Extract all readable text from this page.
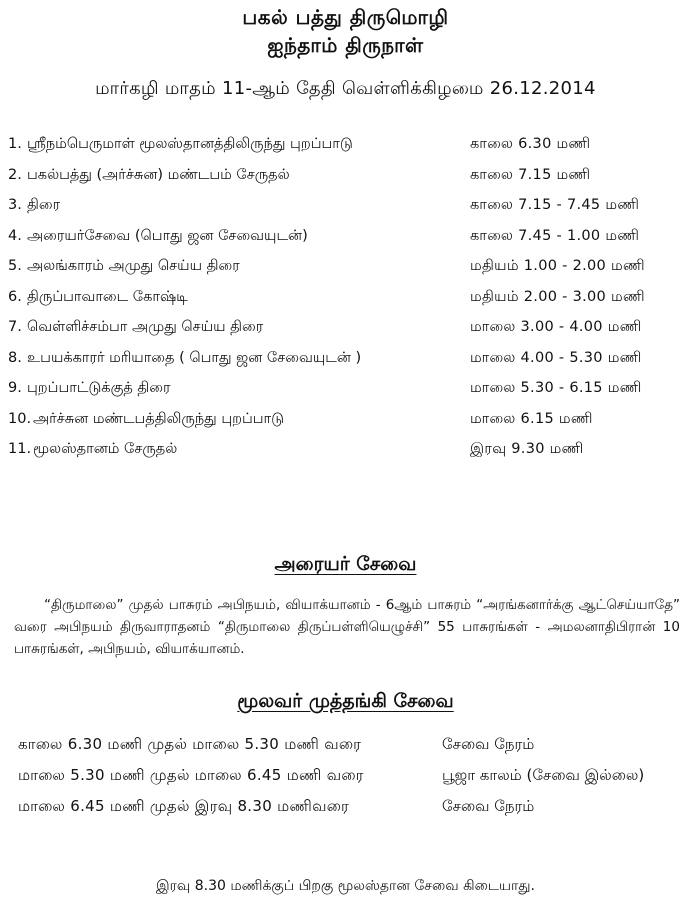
பகல் பத்து திருமொழி
ஐந்தாம் திருநாள்
மார்கழி மாதம் 11-ஆம் தேதி வெள்ளிக்கிழமை 26.12.2014
1. ஸ்ரீநம்பெருமாள் மூலஸ்தானத்திலிருந்து புறப்பாடு	காலை 6.30 மணி
2. பகல்பத்து (அர்ச்சுன) மண்டபம் சேருதல்	காலை 7.15 மணி
3. திரை	காலை 7.15 - 7.45 மணி
4. அரையர்சேவை (பொது ஜன சேவையுடன்)	காலை 7.45 - 1.00 மணி
5. அலங்காரம் அமுது செய்ய திரை	மதியம் 1.00 - 2.00 மணி
6. திருப்பாவாடை கோஷ்டி	மதியம் 2.00 - 3.00 மணி
7. வெள்ளிச்சம்பா அமுது செய்ய திரை	மாலை 3.00 - 4.00 மணி
8. உபயக்காரர் மரியாதை ( பொது ஜன சேவையுடன் )	மாலை 4.00 - 5.30 மணி
9. புறப்பாட்டுக்குத் திரை	மாலை 5.30 - 6.15 மணி
10. அர்ச்சுன மண்டபத்திலிருந்து புறப்பாடு	மாலை 6.15 மணி
11. மூலஸ்தானம் சேருதல்	இரவு 9.30 மணி
அரையர் சேவை
“திருமாலை” முதல் பாசுரம் அபிநயம், வியாக்யானம் - 6ஆம் பாசுரம் “அரங்கனார்க்கு ஆட்செய்யாதே” வரை அபிநயம் திருவாராதனம் “திருமாலை திருப்பள்ளியெழுச்சி” 55 பாசுரங்கள் - அமலனாதிபிரான் 10 பாசுரங்கள், அபிநயம், வியாக்யானம்.
மூலவர் முத்தங்கி சேவை
காலை 6.30 மணி முதல் மாலை 5.30 மணி வரை	சேவை நேரம்
மாலை 5.30 மணி முதல் மாலை 6.45 மணி வரை	பூஜா காலம் (சேவை இல்லை)
மாலை 6.45 மணி முதல் இரவு 8.30 மணிவரை	சேவை நேரம்
இரவு 8.30 மணிக்குப் பிறகு மூலஸ்தான சேவை கிடையாது.
